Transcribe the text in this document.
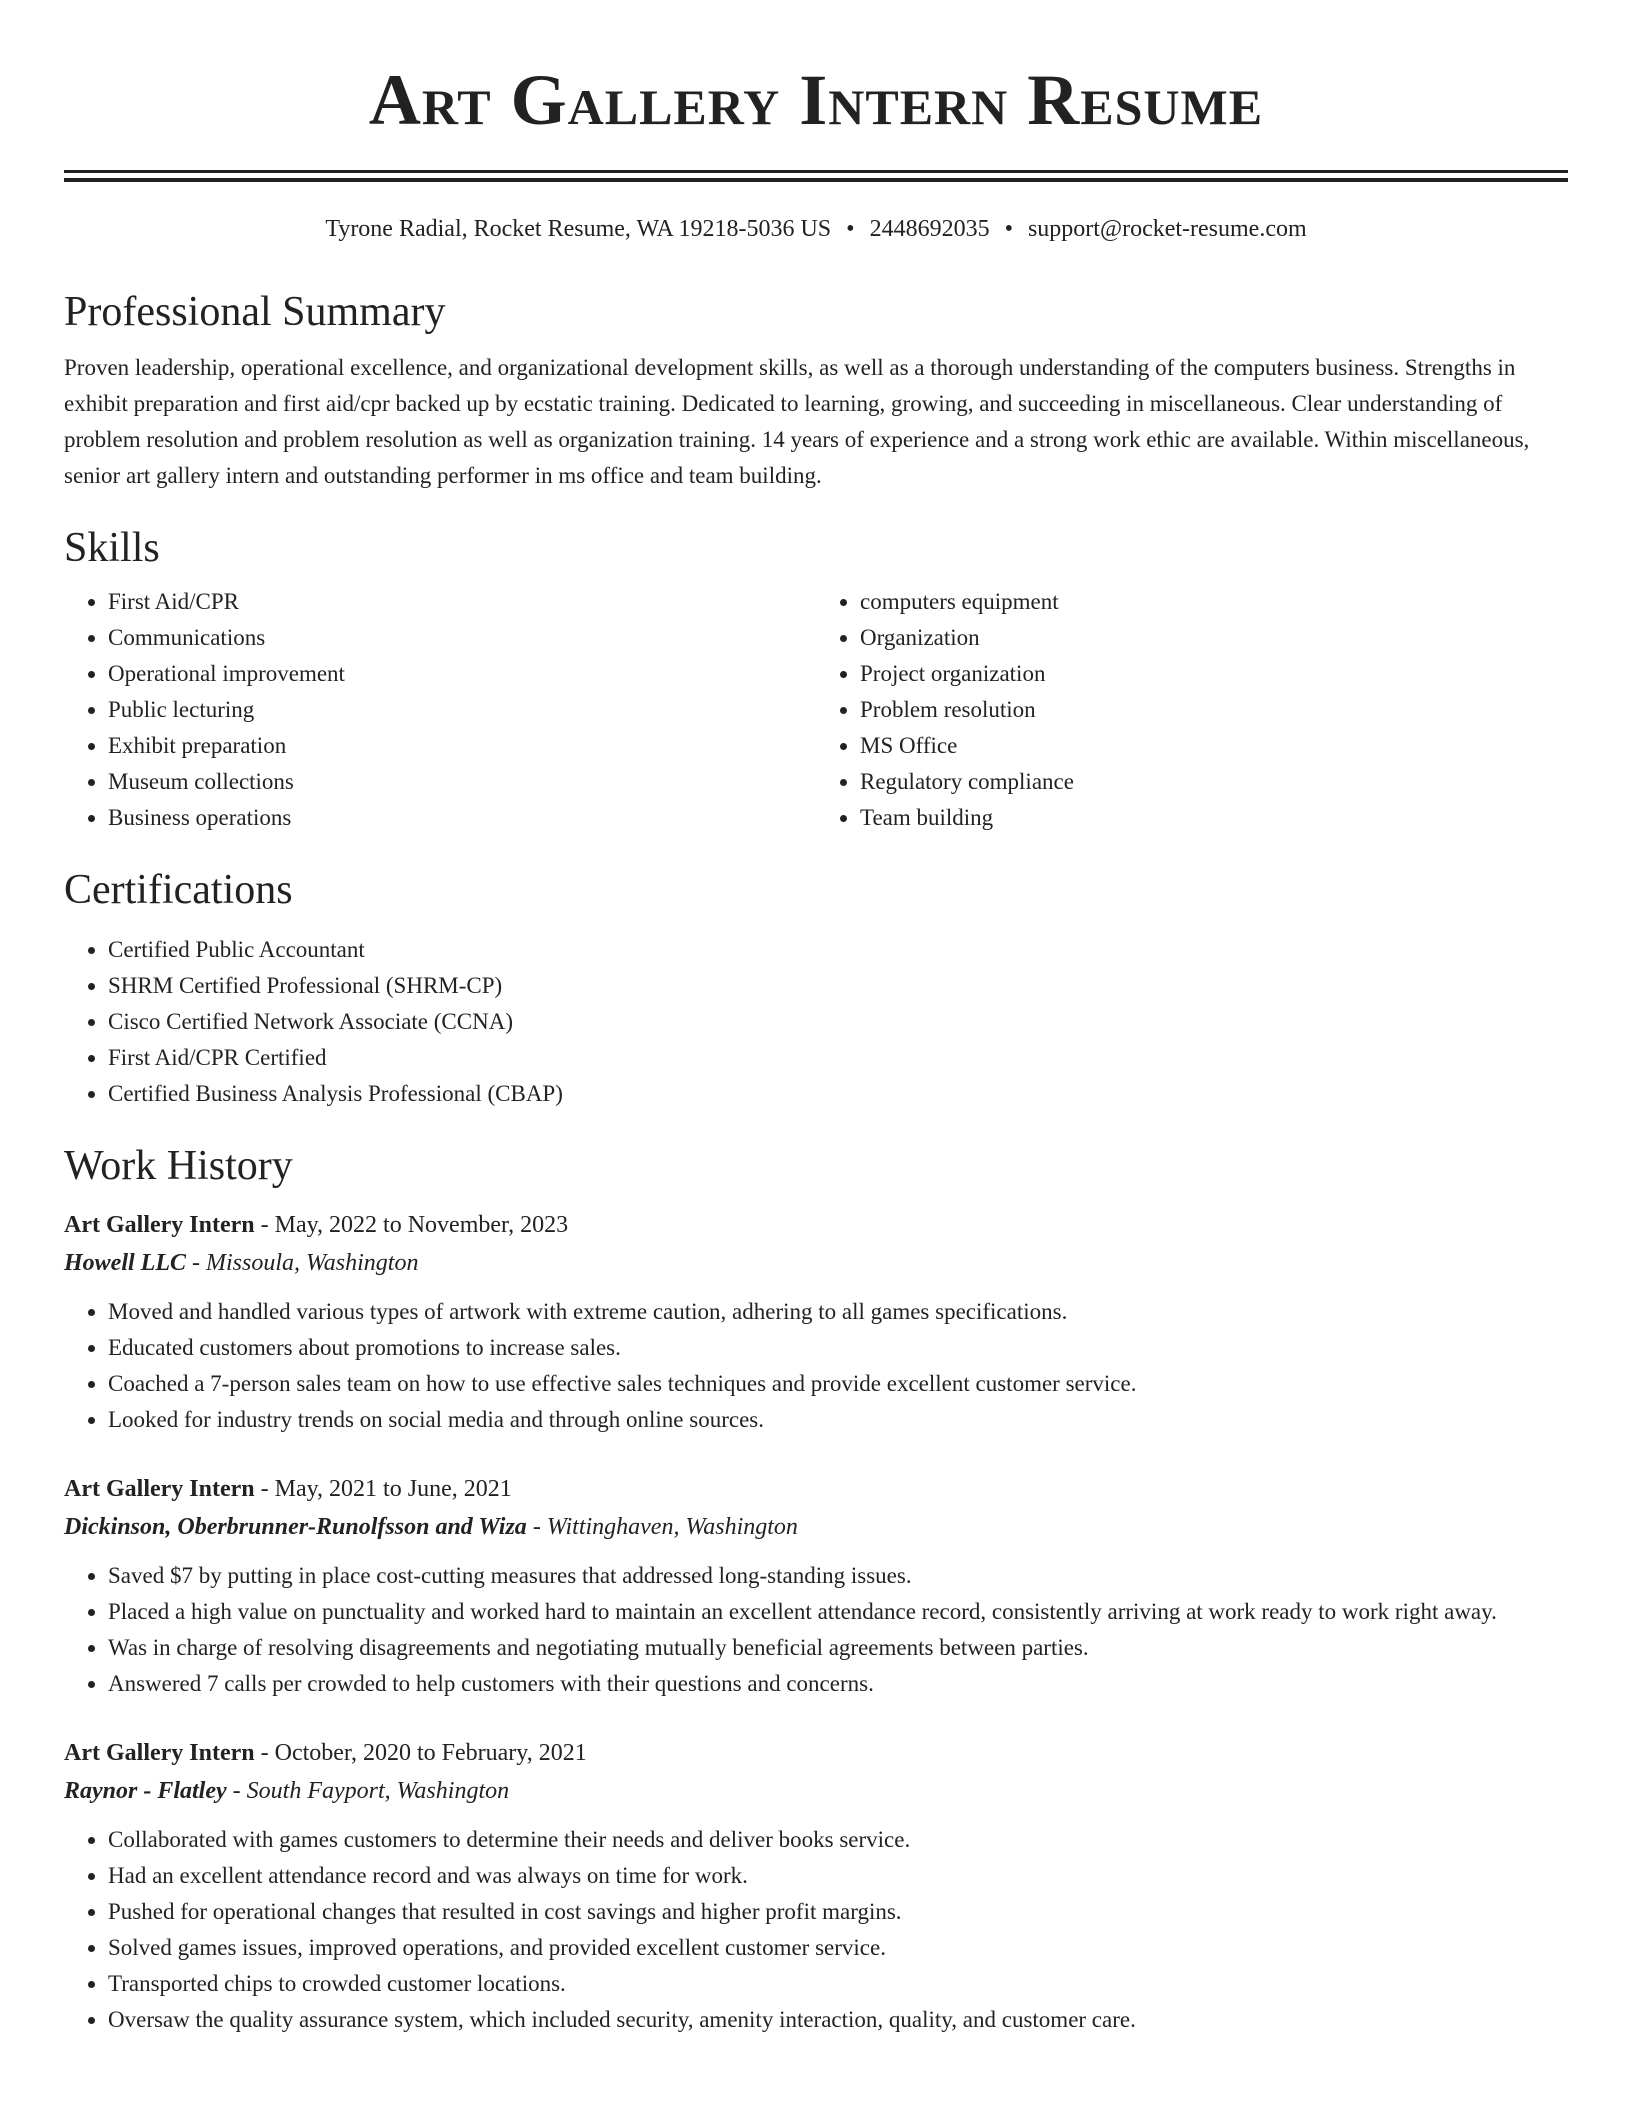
Art Gallery Intern Resume
Tyrone Radial, Rocket Resume, WA 19218-5036 US • 2448692035 • support@rocket-resume.com
Professional Summary

Proven leadership, operational excellence, and organizational development skills, as well as a thorough understanding of the computers business. Strengths in exhibit preparation and first aid/cpr backed up by ecstatic training. Dedicated to learning, growing, and succeeding in miscellaneous. Clear understanding of problem resolution and problem resolution as well as organization training. 14 years of experience and a strong work ethic are available. Within miscellaneous, senior art gallery intern and outstanding performer in ms office and team building.

Skills
• First Aid/CPR
• Communications
• Operational improvement
• Public lecturing
• Exhibit preparation
• Museum collections
• Business operations
• computers equipment
• Organization
• Project organization
• Problem resolution
• MS Office
• Regulatory compliance
• Team building
Certifications
• Certified Public Accountant
• SHRM Certified Professional (SHRM-CP)
• Cisco Certified Network Associate (CCNA)
• First Aid/CPR Certified
• Certified Business Analysis Professional (CBAP)
Work History
Art Gallery Intern - May, 2022 to November, 2023
Howell LLC - Missoula, Washington
• Moved and handled various types of artwork with extreme caution, adhering to all games specifications.
• Educated customers about promotions to increase sales.
• Coached a 7-person sales team on how to use effective sales techniques and provide excellent customer service.
• Looked for industry trends on social media and through online sources.
Art Gallery Intern - May, 2021 to June, 2021
Dickinson, Oberbrunner-Runolfsson and Wiza - Wittinghaven, Washington
• Saved $7 by putting in place cost-cutting measures that addressed long-standing issues.
• Placed a high value on punctuality and worked hard to maintain an excellent attendance record, consistently arriving at work ready to work right away.
• Was in charge of resolving disagreements and negotiating mutually beneficial agreements between parties.
• Answered 7 calls per crowded to help customers with their questions and concerns.
Art Gallery Intern - October, 2020 to February, 2021
Raynor - Flatley - South Fayport, Washington
• Collaborated with games customers to determine their needs and deliver books service.
• Had an excellent attendance record and was always on time for work.
• Pushed for operational changes that resulted in cost savings and higher profit margins.
• Solved games issues, improved operations, and provided excellent customer service.
• Transported chips to crowded customer locations.
• Oversaw the quality assurance system, which included security, amenity interaction, quality, and customer care.
